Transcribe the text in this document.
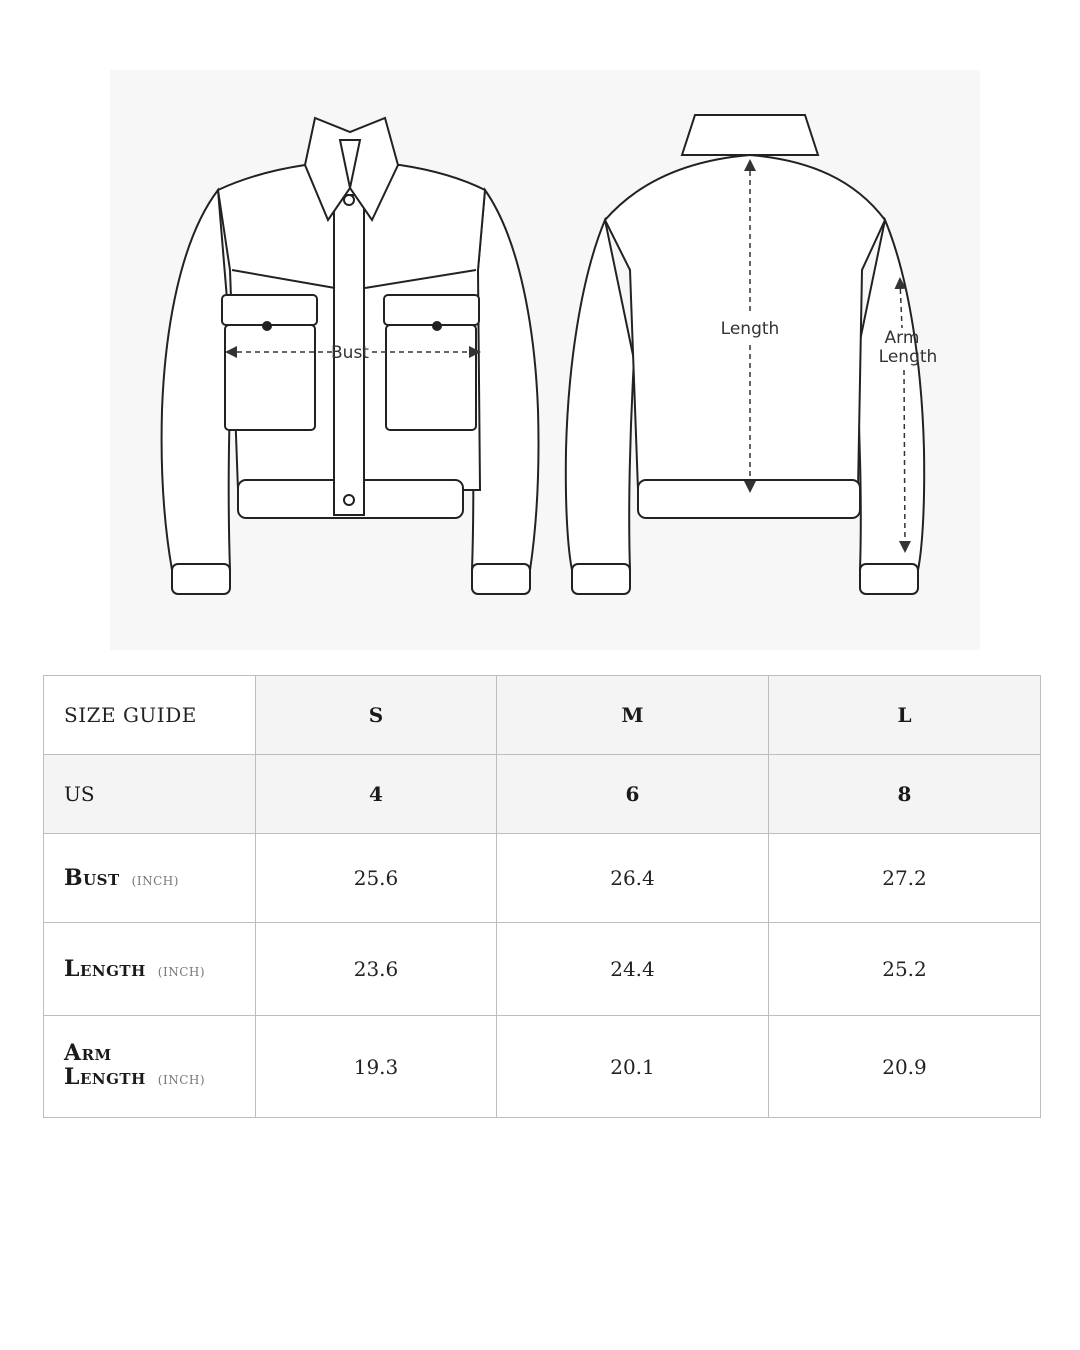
Bust
Length	Arm
Length
SIZE GUIDE	S	M	L
US	4	6	8
Bust (INCH)	25.6	26.4	27.2
Length (INCH)	23.6	24.4	25.2

Arm
Length (INCH)	19.3	20.1	20.9
